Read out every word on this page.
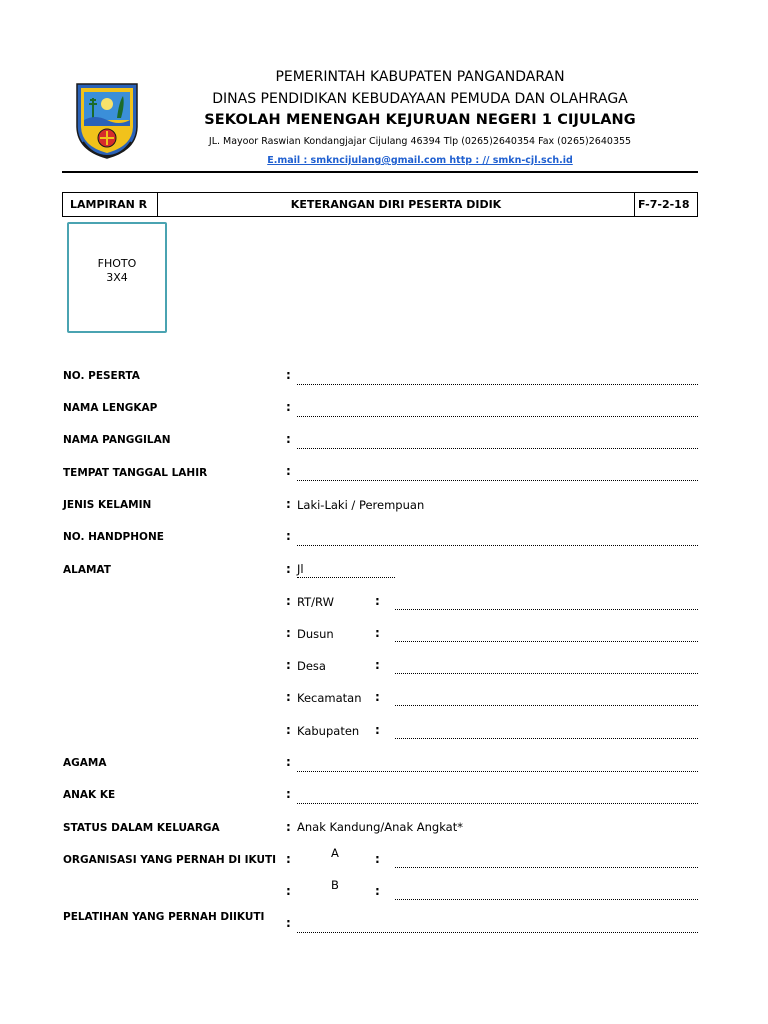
PEMERINTAH KABUPATEN PANGANDARAN
DINAS PENDIDIKAN KEBUDAYAAN PEMUDA DAN OLAHRAGA
SEKOLAH MENENGAH KEJURUAN NEGERI 1 CIJULANG
JL. Mayoor Raswian Kondangjajar Cijulang 46394 Tlp (0265)2640354 Fax (0265)2640355
E.mail : smkncijulang@gmail.com http : // smkn-cjl.sch.id
LAMPIRAN R	KETERANGAN DIRI PESERTA DIDIK	F-7-2-18
FHOTO
3X4
NO. PESERTA	:
NAMA LENGKAP	:
NAMA PANGGILAN	:
TEMPAT TANGGAL LAHIR	:
JENIS KELAMIN	: Laki-Laki / Perempuan
NO. HANDPHONE	:
ALAMAT	: Jl
: RT/RW	:
: Dusun	:
: Desa	:
: Kecamatan :
: Kabupaten :
AGAMA	:
ANAK KE	:
STATUS DALAM KELUARGA	: Anak Kandung/Anak Angkat*
ORGANISASI YANG PERNAH DI IKUTI :	A	:
:	B	:
PELATIHAN YANG PERNAH DIIKUTI :
